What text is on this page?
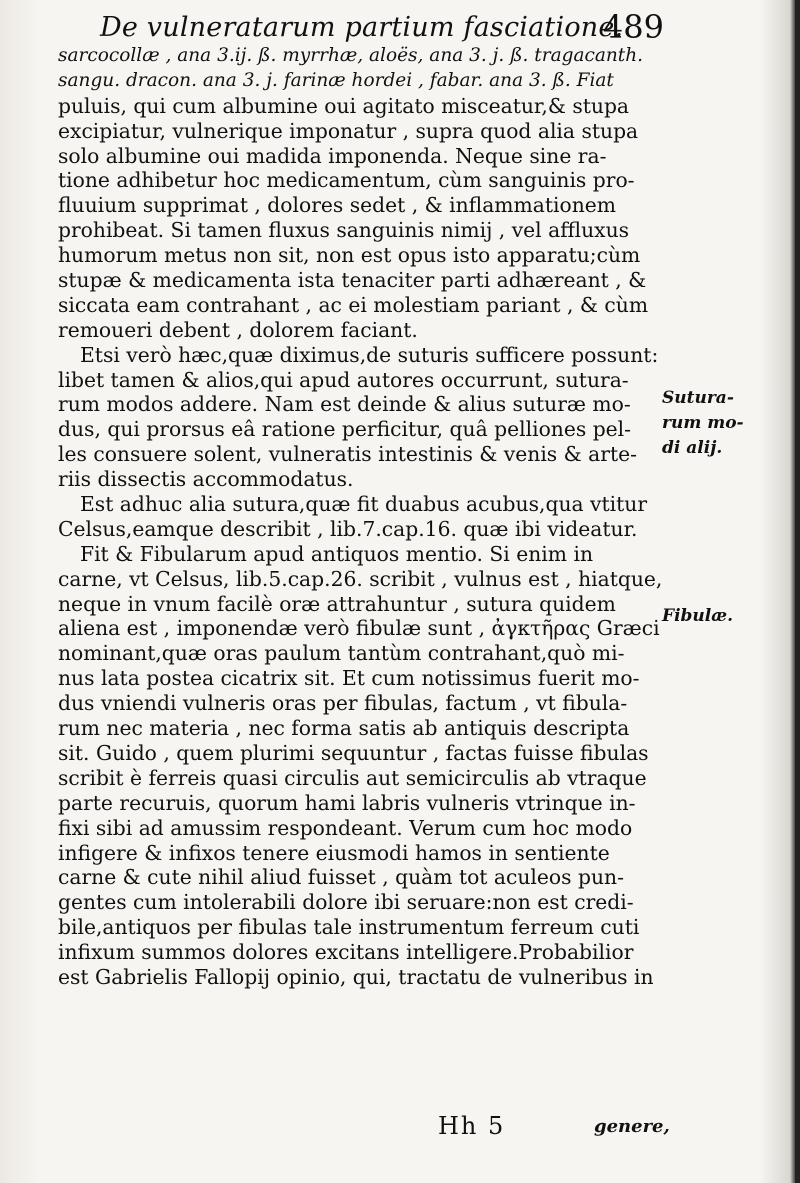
De vulneratarum partium fasciatione.
489
sarcocollæ , ana 3.ij. ß. myrrhæ, aloës, ana 3. j. ß. tragacanth.
sangu. dracon. ana 3. j. farinæ hordei , fabar. ana 3. ß. Fiat
puluis, qui cum albumine oui agitato misceatur,& stupa
excipiatur, vulnerique imponatur , supra quod alia stupa
solo albumine oui madida imponenda. Neque sine ra-
tione adhibetur hoc medicamentum, cùm sanguinis pro-
fluuium supprimat , dolores sedet , & inflammationem
prohibeat. Si tamen fluxus sanguinis nimij , vel affluxus
humorum metus non sit, non est opus isto apparatu;cùm
stupæ & medicamenta ista tenaciter parti adhæreant , &
siccata eam contrahant , ac ei molestiam pariant , & cùm
remoueri debent , dolorem faciant.
Etsi verò hæc,quæ diximus,de suturis sufficere possunt:
libet tamen & alios,qui apud autores occurrunt, sutura-
rum modos addere. Nam est deinde & alius suturæ mo-
dus, qui prorsus eâ ratione perficitur, quâ pelliones pel-
les consuere solent, vulneratis intestinis & venis & arte-
riis dissectis accommodatus.
Est adhuc alia sutura,quæ fit duabus acubus,qua vtitur
Celsus,eamque describit , lib.7.cap.16. quæ ibi videatur.
Fit & Fibularum apud antiquos mentio. Si enim in
carne, vt Celsus, lib.5.cap.26. scribit , vulnus est , hiatque,
neque in vnum facilè oræ attrahuntur , sutura quidem
aliena est , imponendæ verò fibulæ sunt , ἀγκτῆρας Græci
nominant,quæ oras paulum tantùm contrahant,quò mi-
nus lata postea cicatrix sit. Et cum notissimus fuerit mo-
dus vniendi vulneris oras per fibulas, factum , vt fibula-
rum nec materia , nec forma satis ab antiquis descripta
sit. Guido , quem plurimi sequuntur , factas fuisse fibulas
scribit è ferreis quasi circulis aut semicirculis ab vtraque
parte recuruis, quorum hami labris vulneris vtrinque in-
fixi sibi ad amussim respondeant. Verum cum hoc modo
infigere & infixos tenere eiusmodi hamos in sentiente
carne & cute nihil aliud fuisset , quàm tot aculeos pun-
gentes cum intolerabili dolore ibi seruare:non est credi-
bile,antiquos per fibulas tale instrumentum ferreum cuti
infixum summos dolores excitans intelligere.Probabilior
est Gabrielis Fallopij opinio, qui, tractatu de vulneribus in
Sutura-
rum mo-
di alij.
Fibulæ.
Hh 5	genere,
